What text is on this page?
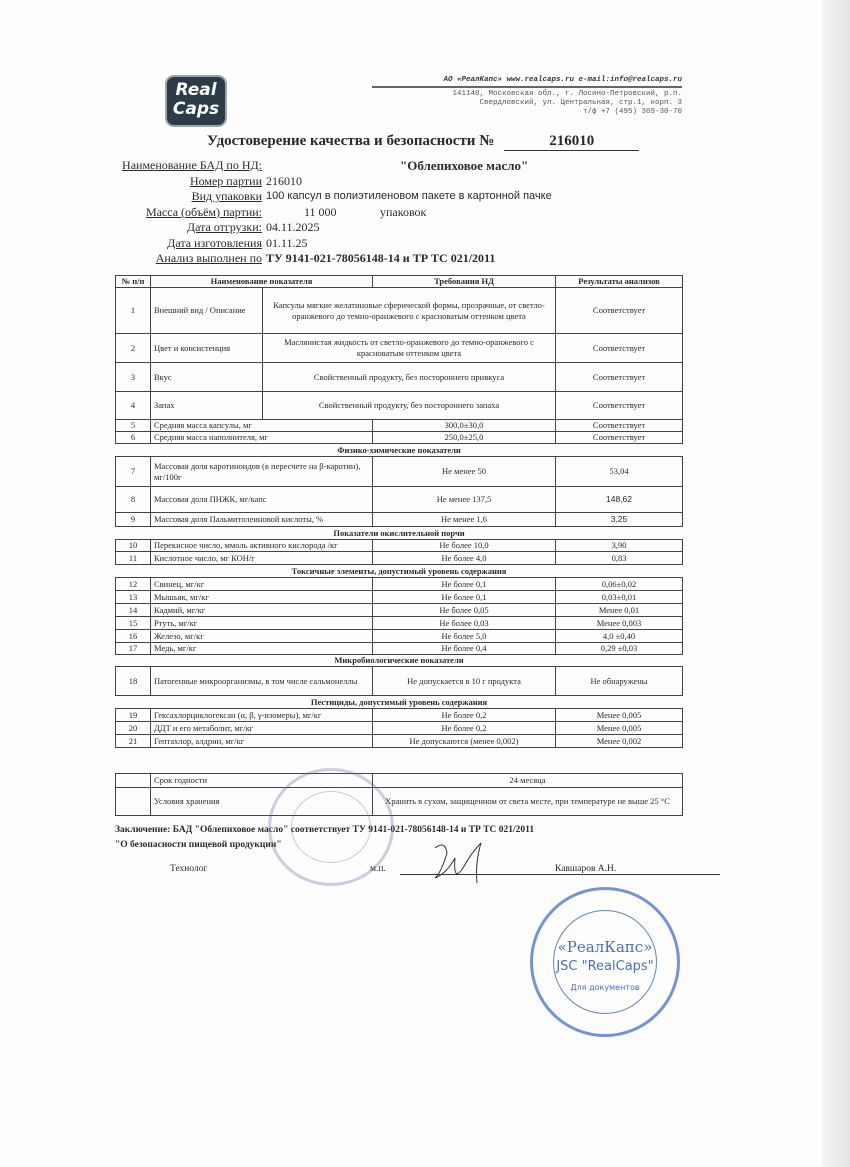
Real
Caps
АО «РеалКапс» www.realcaps.ru e-mail:info@realcaps.ru
141140, Московская обл., г. Лосино-Петровский, р.п.
Свердловский, ул. Центральная, стр.1, корп. 3
т/ф +7 (495) 369-30-70
Удостоверение качества и безопасности №	216010
"Облепиховое масло"
Наименование БАД по НД:
Номер партии 216010
Вид упаковки 100 капсул в полиэтиленовом пакете в картонной пачке
Масса (объём) партии:	11 000	упаковок
Дата отгрузки: 04.11.2025
Дата изготовления 01.11.25
Анализ выполнен по ТУ 9141-021-78056148-14 и ТР ТС 021/2011
№ п/п	Наименование показателя		Требования НД	Результаты анализов
1	Внешний вид / Описание	Капсулы мягкие желатиновые сферической формы, прозрачные, от светло-оранжевого до темно-оранжевого с красноватым оттенком цвета		Соответствует
2	Цвет и консистенция	Маслянистая жидкость от светло-оранжевого до темно-оранжевого с красноватым оттенком цвета		Соответствует
3	Вкус	Свойственный продукту, без постороннего привкуса		Соответствует
4	Запах	Свойственный продукту, без постороннего запаха		Соответствует
5	Средняя масса капсулы, мг		300,0±30,0	Соответствует
6	Средняя масса наполнителя, мг		250,0±25,0	Соответствует
Физико-химические показатели				
7	Массовая доля каротиноидов (в пересчете на β-каротин), мг/100г		Не менее 50	53,04
8	Массовая доля ПНЖК, мг/капс		Не менее 137,5	148,62
9	Массовая доля Пальмитолеиновой кислоты, %		Не менее 1,6	3,25
Показатели окислительной порчи				
10	Перекисное число, ммоль активного кислорода /кг		Не более 10,0	3,90
11	Кислотное число, мг КОН/г		Не более 4,0	0,83
Токсичные элементы, допустимый уровень содержания				
12	Свинец, мг/кг		Не более 0,1	0,06±0,02
13	Мышьяк, мг/кг		Не более 0,1	0,03±0,01
14	Кадмий, мг/кг		Не более 0,05	Менее 0,01
15	Ртуть, мг/кг		Не более 0,03	Менее 0,003
16	Железо, мг/кг		Не более 5,0	4,0 ±0,40
17	Медь, мг/кг		Не более 0,4	0,29 ±0,03
Микробиологические показатели				
18	Патогенные микроорганизмы, в том числе сальмонеллы		Не допускается в 10 г продукта	Не обнаружены
Пестициды, допустимый уровень содержания				
19	Гексахлорциклогексан (α, β, γ-изомеры), мг/кг		Не более 0,2	Менее 0,005
20	ДДТ и его метаболит, мг/кг		Не более 0,2	Менее 0,005
21	Гептахлор, алдрин, мг/кг		Не допускаются (менее 0,002)	Менее 0,002
	Срок годности	24 месяца
	Условия хранения	Хранить в сухом, защищенном от света месте, при температуре не выше 25 °С
Заключение: БАД "Облепиховое масло" соответствует ТУ 9141-021-78056148-14 и ТР ТС 021/2011
"О безопасности пищевой продукции"
Технолог	м.п.	Кавшаров А.Н.
«РеалКапс»
JSC "RealCaps"
Для документов
